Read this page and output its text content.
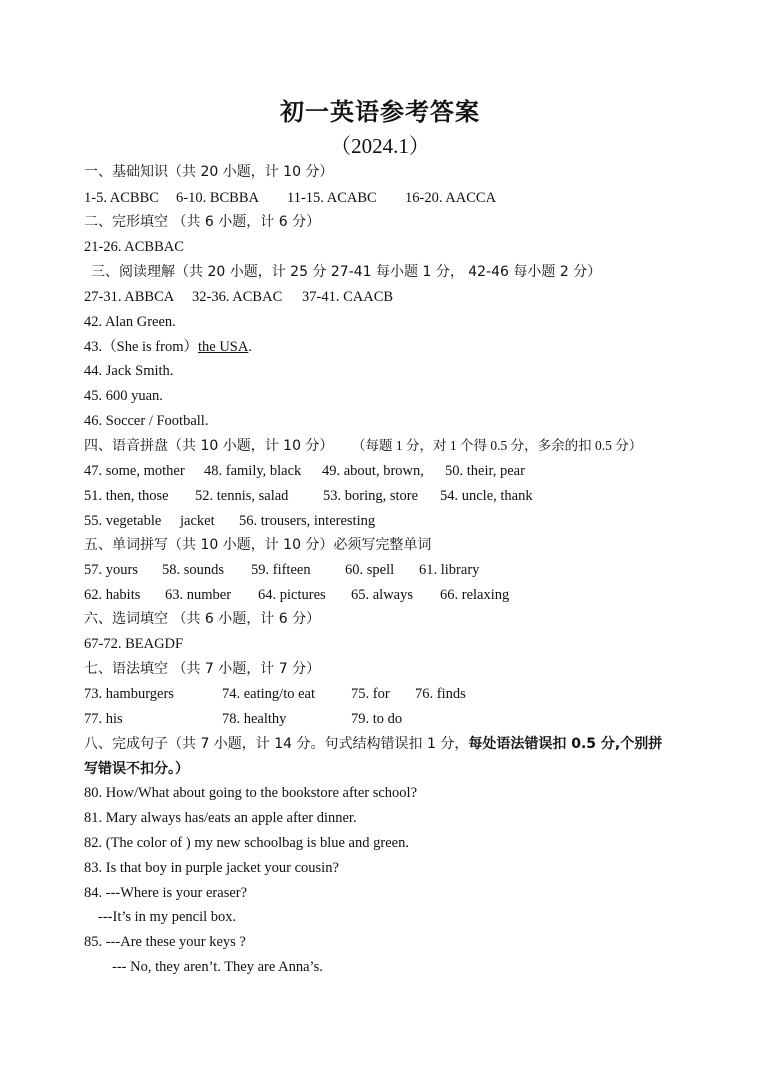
初一英语参考答案
（2024.1）
一、基础知识（共 20 小题，计 10 分）
1-5. ACBBC 6-10. BCBBA 11-15. ACABC 16-20. AACCA
二、完形填空 （共 6 小题，计 6 分）
21-26. ACBBAC
三、阅读理解（共 20 小题，计 25 分 27-41 每小题 1 分， 42-46 每小题 2 分）
27-31. ABBCA 32-36. ACBAC 37-41. CAACB
42. Alan Green.
43.（She is from）the USA.
44. Jack Smith.
45. 600 yuan.
46. Soccer / Football.
四、语音拼盘（共 10 小题，计 10 分） （每题 1 分，对 1 个得 0.5 分，多余的扣 0.5 分）
47. some, mother 48. family, black 49. about, brown, 50. their, pear
51. then, those 52. tennis, salad 53. boring, store 54. uncle, thank
55. vegetable jacket 56. trousers, interesting
五、单词拼写（共 10 小题，计 10 分）必须写完整单词
57. yours 58. sounds 59. fifteen 60. spell 61. library
62. habits 63. number 64. pictures 65. always 66. relaxing
六、选词填空 （共 6 小题，计 6 分）
67-72. BEAGDF
七、语法填空 （共 7 小题，计 7 分）
73. hamburgers	74. eating/to eat 75. for 76. finds
77. his	78. healthy	79. to do
八、完成句子（共 7 小题，计 14 分。句式结构错误扣 1 分，每处语法错误扣 0.5 分,个别拼
写错误不扣分。）
80. How/What about going to the bookstore after school?
81. Mary always has/eats an apple after dinner.
82. (The color of ) my new schoolbag is blue and green.
83. Is that boy in purple jacket your cousin?
84. ---Where is your eraser?
---It’s in my pencil box.
85. ---Are these your keys ?
--- No, they aren’t. They are Anna’s.
